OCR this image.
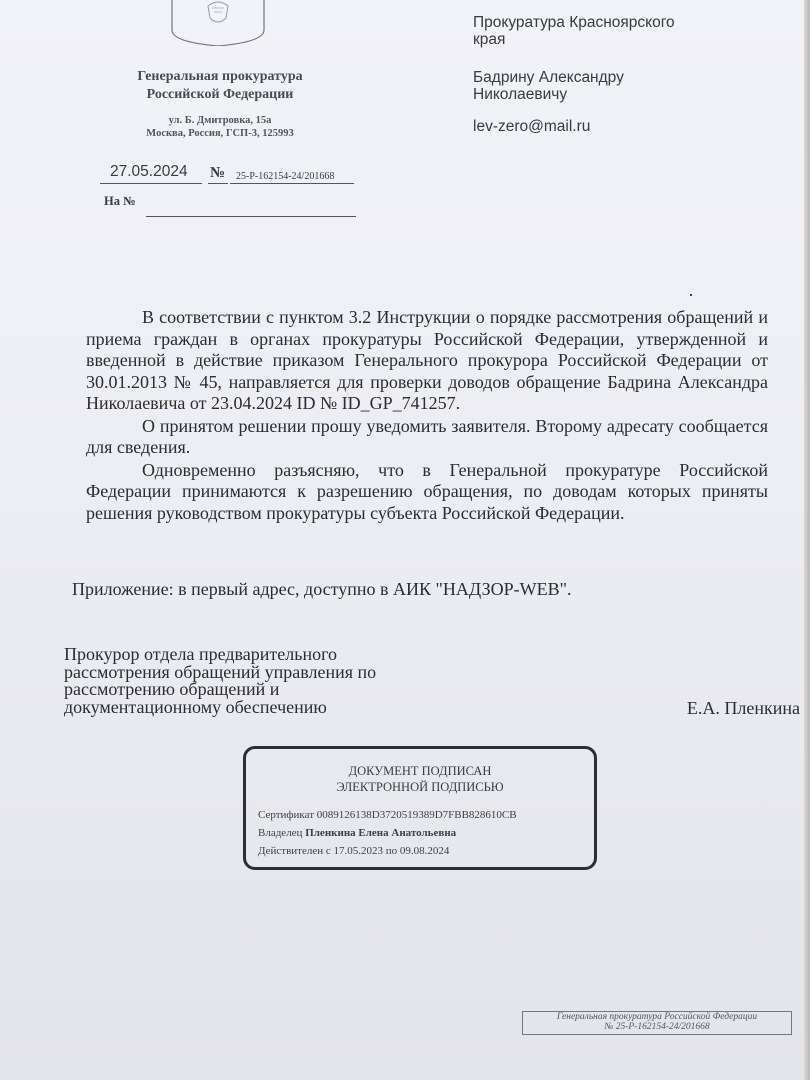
Генеральная прокуратура
Российской Федерации
ул. Б. Дмитровка, 15а
Москва, Россия, ГСП-3, 125993
27.05.2024	№ 25-Р-162154-24/201668
На №
Прокуратура Красноярского
края
Бадрину Александру
Николаевичу
lev-zero@mail.ru

В соответствии с пунктом 3.2 Инструкции о порядке рассмотрения обращений и приема граждан в органах прокуратуры Российской Федерации, утвержденной и введенной в действие приказом Генерального прокурора Российской Федерации от 30.01.2013 № 45, направляется для проверки доводов обращение Бадрина Александра Николаевича от 23.04.2024 ID № ID_GP_741257.

О принятом решении прошу уведомить заявителя. Второму адресату сообщается для сведения.

Одновременно разъясняю, что в Генеральной прокуратуре Российской Федерации принимаются к разрешению обращения, по доводам которых приняты решения руководством прокуратуры субъекта Российской Федерации.

Приложение: в первый адрес, доступно в АИК "НАДЗОР-WEB".
Прокурор отдела предварительного
рассмотрения обращений управления по
рассмотрению обращений и
документационному обеспечению	Е.А. Пленкина
ДОКУМЕНТ ПОДПИСАН
ЭЛЕКТРОННОЙ ПОДПИСЬЮ
Сертификат 0089126138D3720519389D7FBB828610CB
Владелец Пленкина Елена Анатольевна
Действителен с 17.05.2023 по 09.08.2024
Генеральная прокуратура Российской Федерации
№ 25-Р-162154-24/201668
